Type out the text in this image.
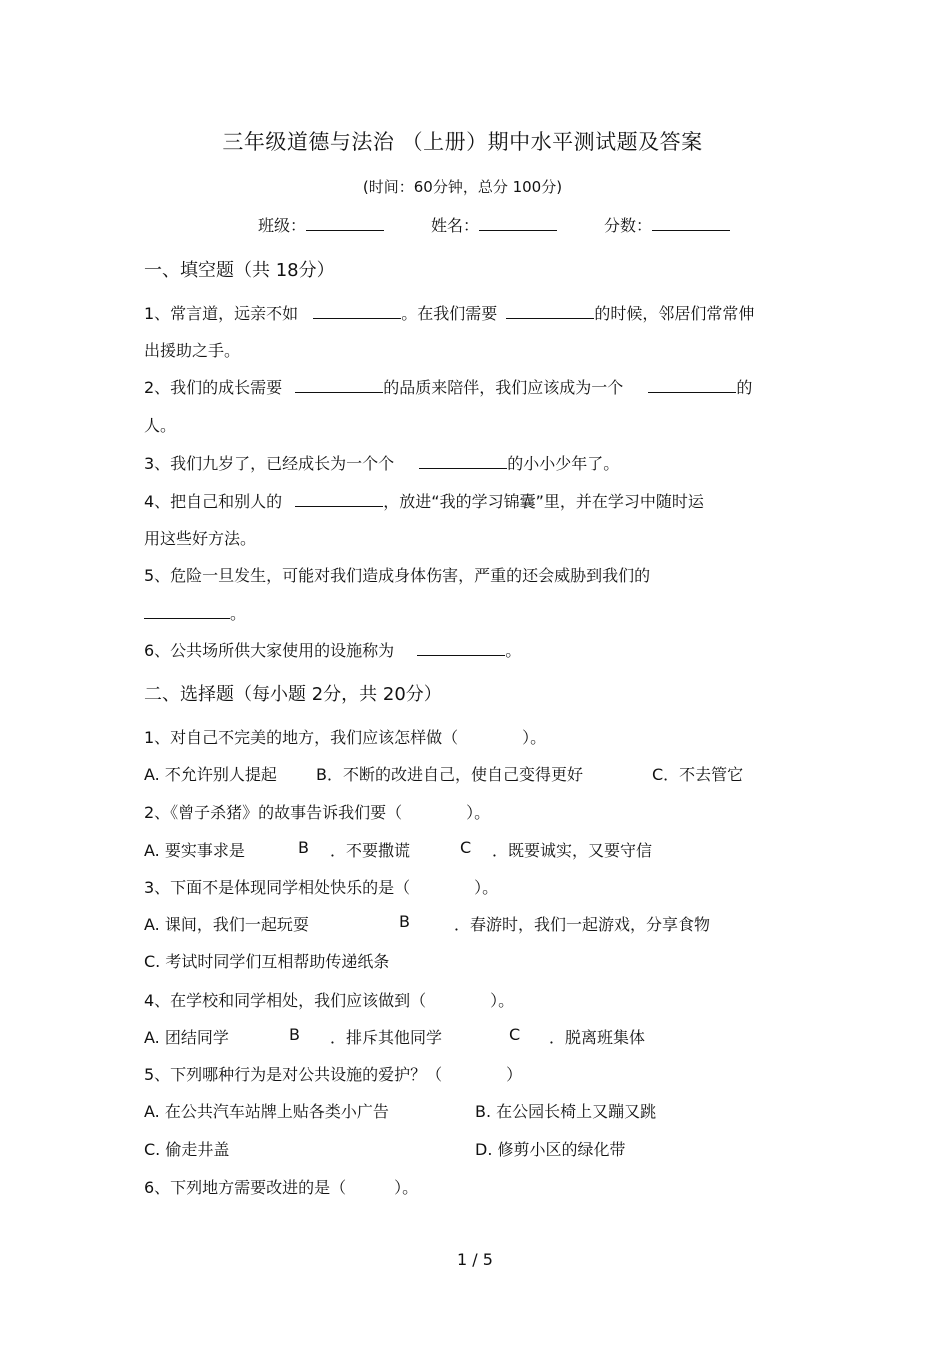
三年级道德与法治 （上册）期中水平测试题及答案
(时间：60分钟，总分 100分)
班级：	姓名：	分数：
一、填空题（共 18分）
1、常言道，远亲不如	。在我们需要	的时候，邻居们常常伸
出援助之手。
2、我们的成长需要	的品质来陪伴，我们应该成为一个	的
人。
3、我们九岁了，已经成长为一个个	的小小少年了。
4、把自己和别人的	，放进“我的学习锦囊”里，并在学习中随时运
用这些好方法。
5、危险一旦发生，可能对我们造成身体伤害，严重的还会威胁到我们的
。
6、公共场所供大家使用的设施称为	。
二、选择题（每小题 2分，共 20分）
1、对自己不完美的地方，我们应该怎样做（　　　　）。
A. 不允许别人提起 B．不断的改进自己，使自己变得更好	C．不去管它
2、《曾子杀猪》的故事告诉我们要（　　　　）。
A. 要实事求是	B ．不要撒谎	C ．既要诚实，又要守信
3、下面不是体现同学相处快乐的是（　　　　）。
A. 课间，我们一起玩耍	B	．春游时，我们一起游戏，分享食物
C. 考试时同学们互相帮助传递纸条
4、在学校和同学相处，我们应该做到（　　　　）。
A. 团结同学	B ．排斥其他同学	C ．脱离班集体
5、下列哪种行为是对公共设施的爱护？（　　　　）
A. 在公共汽车站牌上贴各类小广告	B. 在公园长椅上又蹦又跳
C. 偷走井盖	D. 修剪小区的绿化带
6、下列地方需要改进的是（　　　）。
1 / 5
